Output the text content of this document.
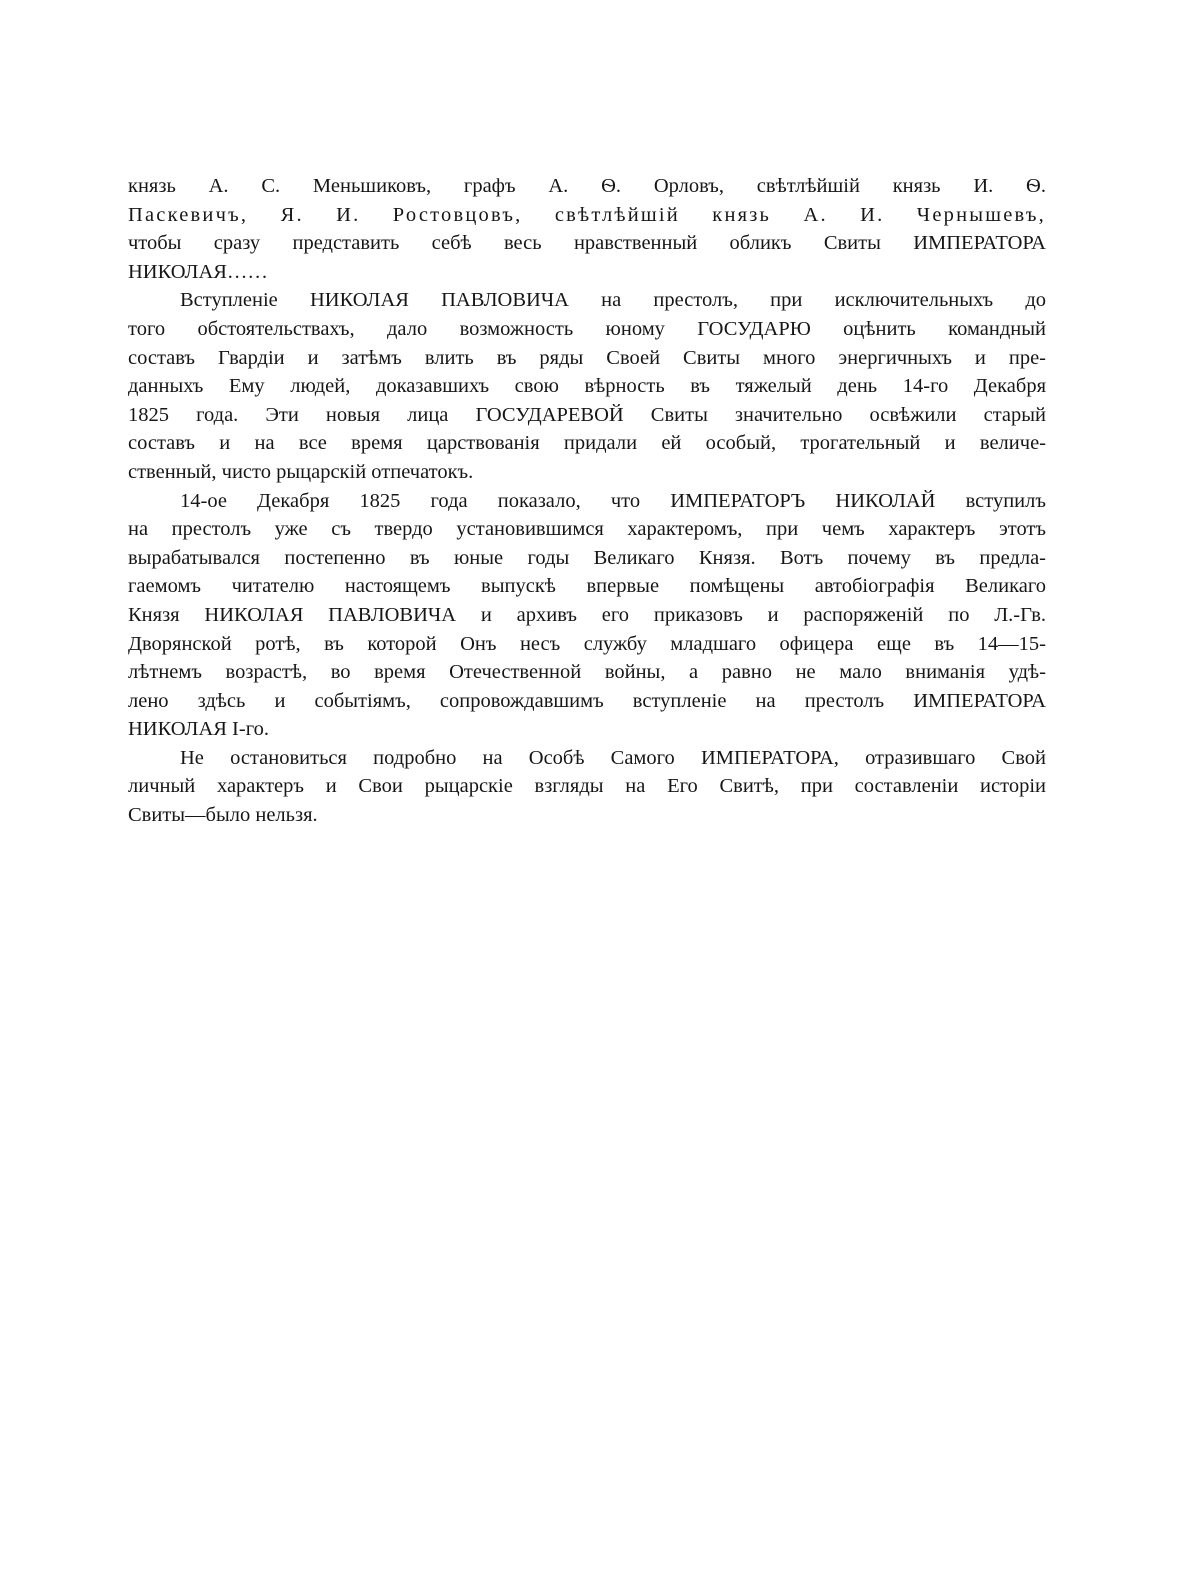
князь А. С. Меньшиковъ, графъ А. Ѳ. Орловъ, свѣтлѣйшій князь И. Ѳ.
Паскевичъ, Я. И. Ростовцовъ, свѣтлѣйшій князь А. И. Чернышевъ,
чтобы сразу представить себѣ весь нравственный обликъ Свиты ИМПЕРАТОРА
НИКОЛАЯ……
Вступленіе НИКОЛАЯ ПАВЛОВИЧА на престолъ, при исключительныхъ до
того обстоятельствахъ, дало возможность юному ГОСУДАРЮ оцѣнить командный
составъ Гвардіи и затѣмъ влить въ ряды Своей Свиты много энергичныхъ и пре-
данныхъ Ему людей, доказавшихъ свою вѣрность въ тяжелый день 14-го Декабря
1825 года. Эти новыя лица ГОСУДАРЕВОЙ Свиты значительно освѣжили старый
составъ и на все время царствованія придали ей особый, трогательный и величе-
ственный, чисто рыцарскій отпечатокъ.
14-ое Декабря 1825 года показало, что ИМПЕРАТОРЪ НИКОЛАЙ вступилъ
на престолъ уже съ твердо установившимся характеромъ, при чемъ характеръ этотъ
вырабатывался постепенно въ юные годы Великаго Князя. Вотъ почему въ предла-
гаемомъ читателю настоящемъ выпускѣ впервые помѣщены автобіографія Великаго
Князя НИКОЛАЯ ПАВЛОВИЧА и архивъ его приказовъ и распоряженій по Л.-Гв.
Дворянской ротѣ, въ которой Онъ несъ службу младшаго офицера еще въ 14—15-
лѣтнемъ возрастѣ, во время Отечественной войны, а равно не мало вниманія удѣ-
лено здѣсь и событіямъ, сопровождавшимъ вступленіе на престолъ ИМПЕРАТОРА
НИКОЛАЯ I-го.
Не остановиться подробно на Особѣ Самого ИМПЕРАТОРА, отразившаго Свой
личный характеръ и Свои рыцарскіе взгляды на Его Свитѣ, при составленіи исторіи
Свиты—было нельзя.
